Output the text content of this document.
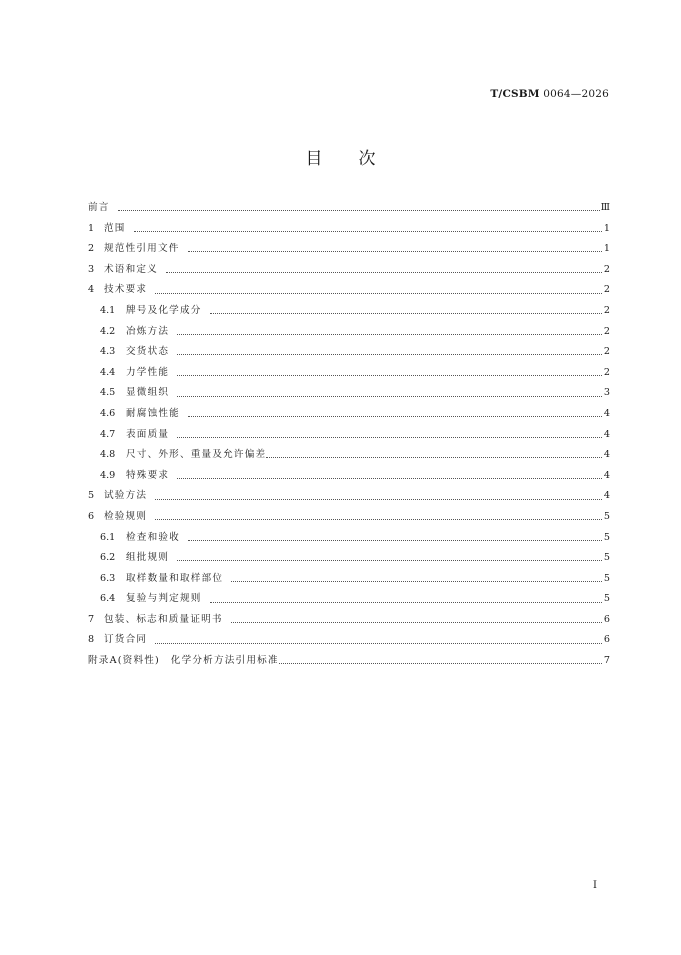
T/CSBM 0064—2026
目次
前言	Ⅲ
1	范围	1
2	规范性引用文件	1
3	术语和定义	2
4	技术要求	2
4.1	牌号及化学成分	2
4.2	冶炼方法	2
4.3	交货状态	2
4.4	力学性能	2
4.5	显微组织	3
4.6	耐腐蚀性能	4
4.7	表面质量	4
4.8	尺寸、外形、重量及允许偏差	4
4.9	特殊要求	4
5	试验方法	4
6	检验规则	5
6.1	检查和验收	5
6.2	组批规则	5
6.3	取样数量和取样部位	5
6.4	复验与判定规则	5
7	包装、标志和质量证明书	6
8	订货合同	6
附录A(资料性)　化学分析方法引用标准	7
Ⅰ
